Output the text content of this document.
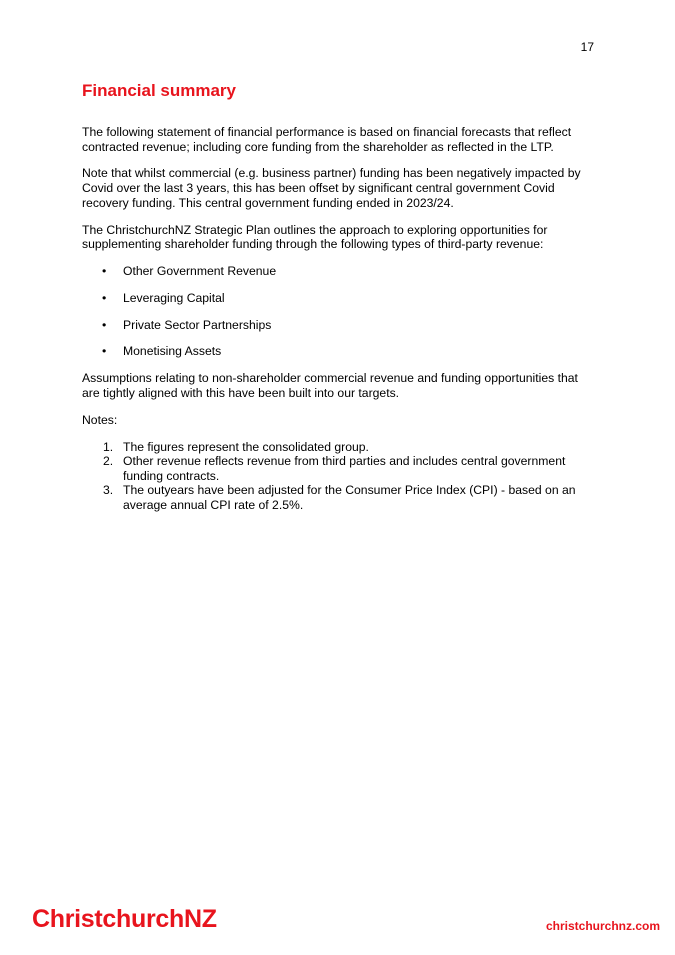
17
Financial summary

The following statement of financial performance is based on financial forecasts that reflect contracted revenue; including core funding from the shareholder as reflected in the LTP.

Note that whilst commercial (e.g. business partner) funding has been negatively impacted by Covid over the last 3 years, this has been offset by significant central government Covid recovery funding. This central government funding ended in 2023/24.

The ChristchurchNZ Strategic Plan outlines the approach to exploring opportunities for supplementing shareholder funding through the following types of third-party revenue:

• Other Government Revenue
• Leveraging Capital
• Private Sector Partnerships
• Monetising Assets

Assumptions relating to non-shareholder commercial revenue and funding opportunities that are tightly aligned with this have been built into our targets.

Notes:

1. The figures represent the consolidated group.
2. Other revenue reflects revenue from third parties and includes central government funding contracts.
3. The outyears have been adjusted for the Consumer Price Index (CPI) - based on an average annual CPI rate of 2.5%.
ChristchurchNZ	christchurchnz.com
